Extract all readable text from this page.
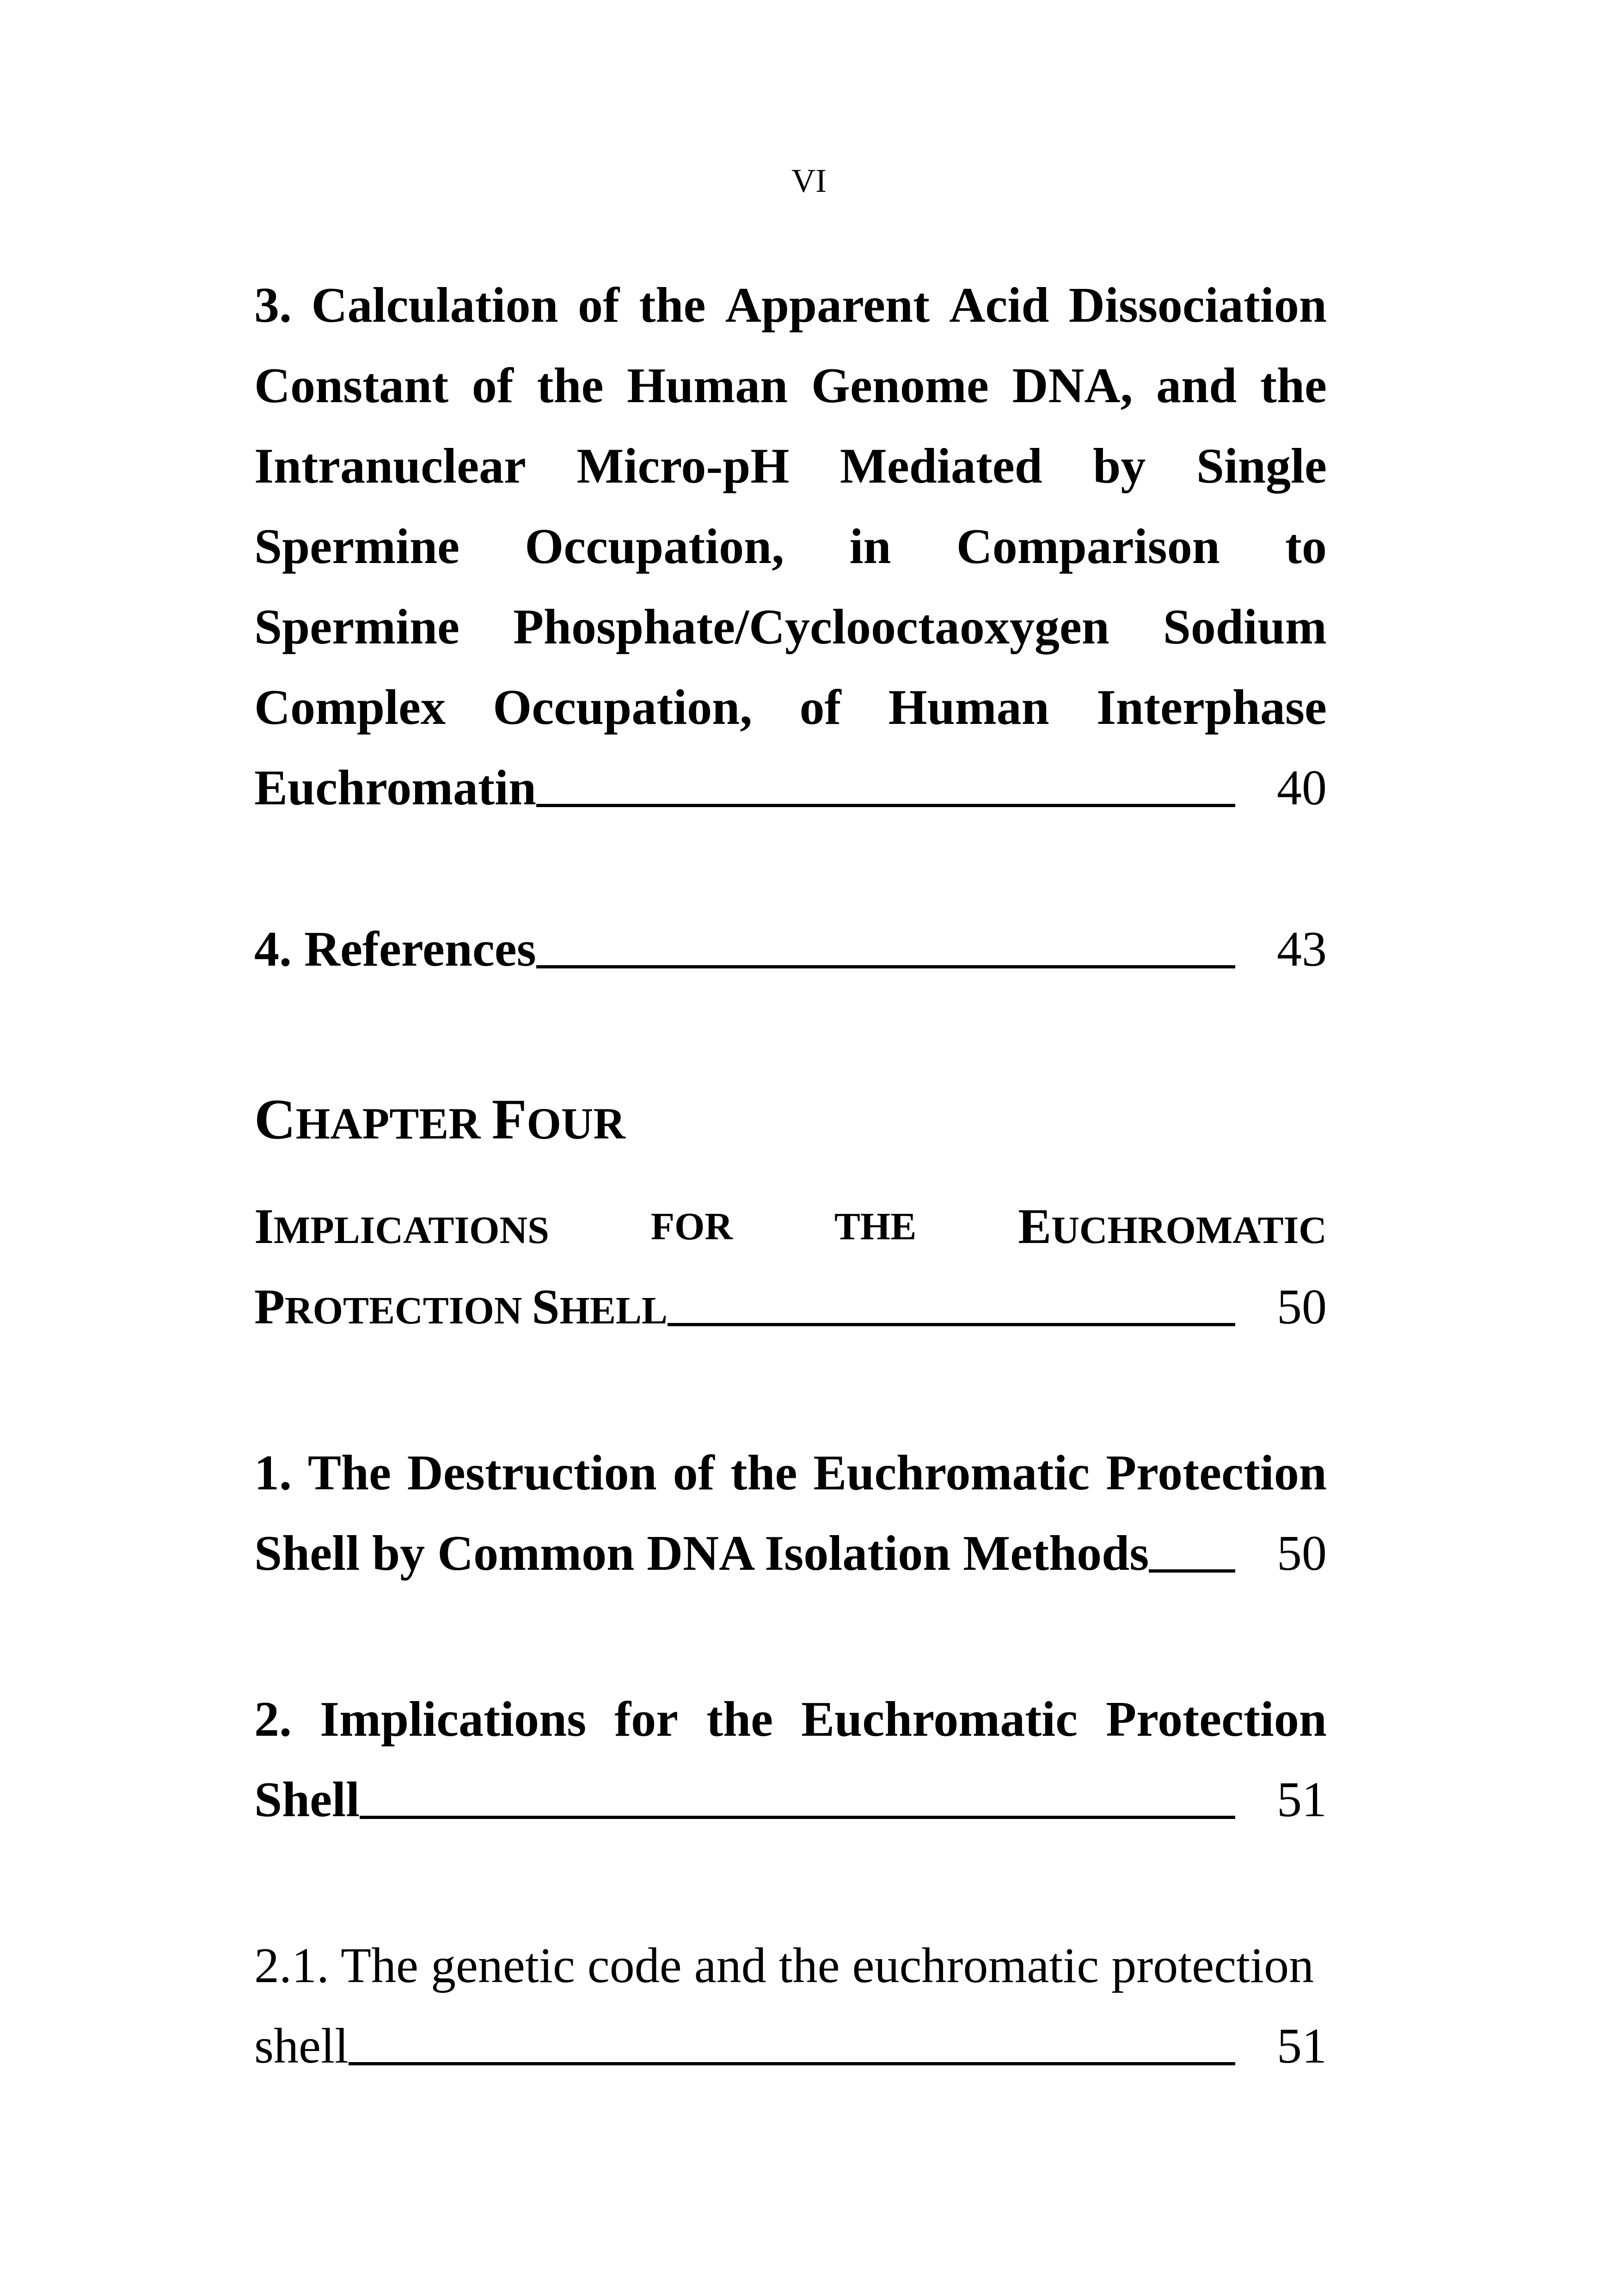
VI
3. Calculation of the Apparent Acid Dissociation
Constant of the Human Genome DNA, and the
Intranuclear Micro-pH Mediated by Single
Spermine Occupation, in Comparison to
Spermine Phosphate/Cyclooctaoxygen Sodium
Complex Occupation, of Human Interphase
Euchromatin	40
4. References	43
CHAPTER FOUR
IMPLICATIONS	FOR	THE EUCHROMATIC
PROTECTION SHELL	50
1. The Destruction of the Euchromatic Protection
Shell by Common DNA Isolation Methods	50
2. Implications for the Euchromatic Protection
Shell	51
2.1. The genetic code and the euchromatic protection
shell	51
